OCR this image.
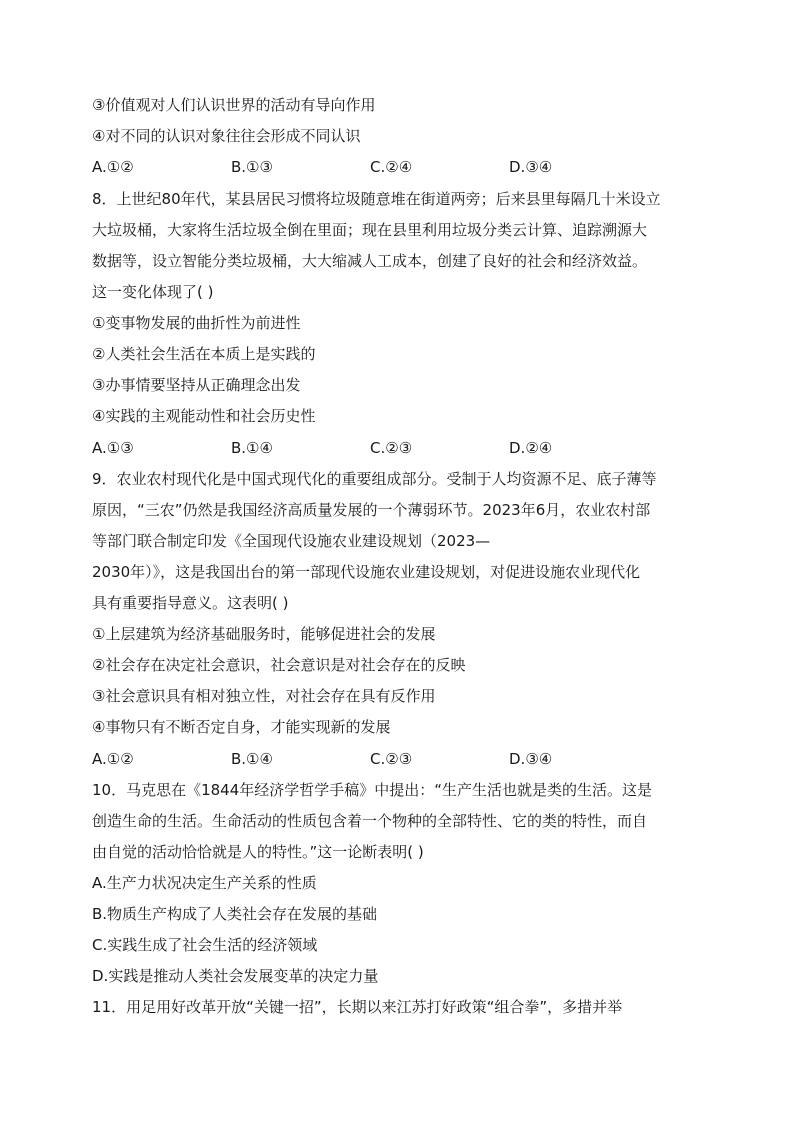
③价值观对人们认识世界的活动有导向作用
④对不同的认识对象往往会形成不同认识
A.①②	B.①③	C.②④	D.③④
8．上世纪80年代，某县居民习惯将垃圾随意堆在街道两旁；后来县里每隔几十米设立
大垃圾桶，大家将生活垃圾全倒在里面；现在县里利用垃圾分类云计算、追踪溯源大
数据等，设立智能分类垃圾桶，大大缩减人工成本，创建了良好的社会和经济效益。
这一变化体现了( )
①变事物发展的曲折性为前进性
②人类社会生活在本质上是实践的
③办事情要坚持从正确理念出发
④实践的主观能动性和社会历史性
A.①③	B.①④	C.②③	D.②④
9．农业农村现代化是中国式现代化的重要组成部分。受制于人均资源不足、底子薄等
原因，“三农”仍然是我国经济高质量发展的一个薄弱环节。2023年6月，农业农村部
等部门联合制定印发《全国现代设施农业建设规划（2023—
2030年）》，这是我国出台的第一部现代设施农业建设规划，对促进设施农业现代化
具有重要指导意义。这表明( )
①上层建筑为经济基础服务时，能够促进社会的发展
②社会存在决定社会意识，社会意识是对社会存在的反映
③社会意识具有相对独立性，对社会存在具有反作用
④事物只有不断否定自身，才能实现新的发展
A.①②	B.①④	C.②③	D.③④
10．马克思在《1844年经济学哲学手稿》中提出：“生产生活也就是类的生活。这是
创造生命的生活。生命活动的性质包含着一个物种的全部特性、它的类的特性，而自
由自觉的活动恰恰就是人的特性。”这一论断表明( )
A.生产力状况决定生产关系的性质
B.物质生产构成了人类社会存在发展的基础
C.实践生成了社会生活的经济领域
D.实践是推动人类社会发展变革的决定力量
11．用足用好改革开放“关键一招”，长期以来江苏打好政策“组合拳”，多措并举
